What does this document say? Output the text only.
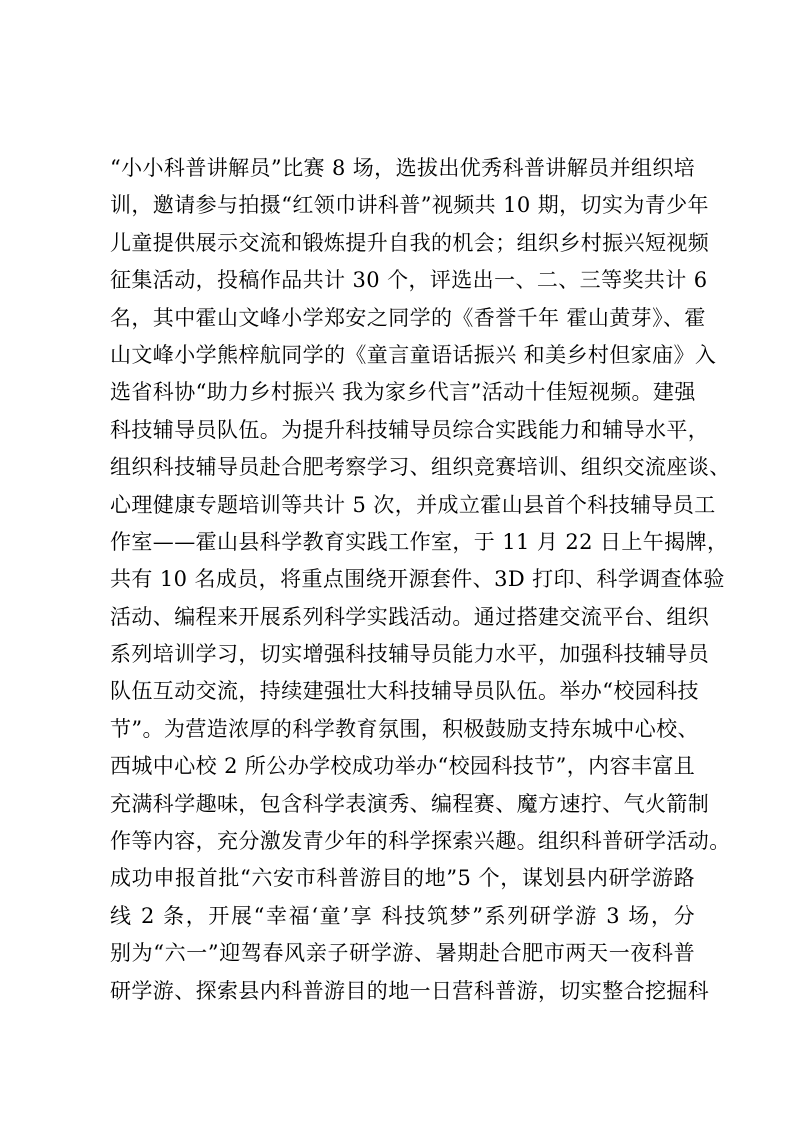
“小小科普讲解员”比赛 8 场，选拔出优秀科普讲解员并组织培
训，邀请参与拍摄“红领巾讲科普”视频共 10 期，切实为青少年
儿童提供展示交流和锻炼提升自我的机会；组织乡村振兴短视频
征集活动，投稿作品共计 30 个，评选出一、二、三等奖共计 6
名，其中霍山文峰小学郑安之同学的《香誉千年 霍山黄芽》、霍
山文峰小学熊梓航同学的《童言童语话振兴 和美乡村但家庙》入
选省科协“助力乡村振兴 我为家乡代言”活动十佳短视频。建强
科技辅导员队伍。为提升科技辅导员综合实践能力和辅导水平，
组织科技辅导员赴合肥考察学习、组织竞赛培训、组织交流座谈、
心理健康专题培训等共计 5 次，并成立霍山县首个科技辅导员工
作室——霍山县科学教育实践工作室，于 11 月 22 日上午揭牌，
共有 10 名成员，将重点围绕开源套件、3D 打印、科学调查体验
活动、编程来开展系列科学实践活动。通过搭建交流平台、组织
系列培训学习，切实增强科技辅导员能力水平，加强科技辅导员
队伍互动交流，持续建强壮大科技辅导员队伍。举办“校园科技
节”。为营造浓厚的科学教育氛围，积极鼓励支持东城中心校、
西城中心校 2 所公办学校成功举办“校园科技节”，内容丰富且
充满科学趣味，包含科学表演秀、编程赛、魔方速拧、气火箭制
作等内容，充分激发青少年的科学探索兴趣。组织科普研学活动。
成功申报首批“六安市科普游目的地”5 个，谋划县内研学游路
线 2 条，开展“幸福‘童’享 科技筑梦”系列研学游 3 场，分
别为“六一”迎驾春风亲子研学游、暑期赴合肥市两天一夜科普
研学游、探索县内科普游目的地一日营科普游，切实整合挖掘科
